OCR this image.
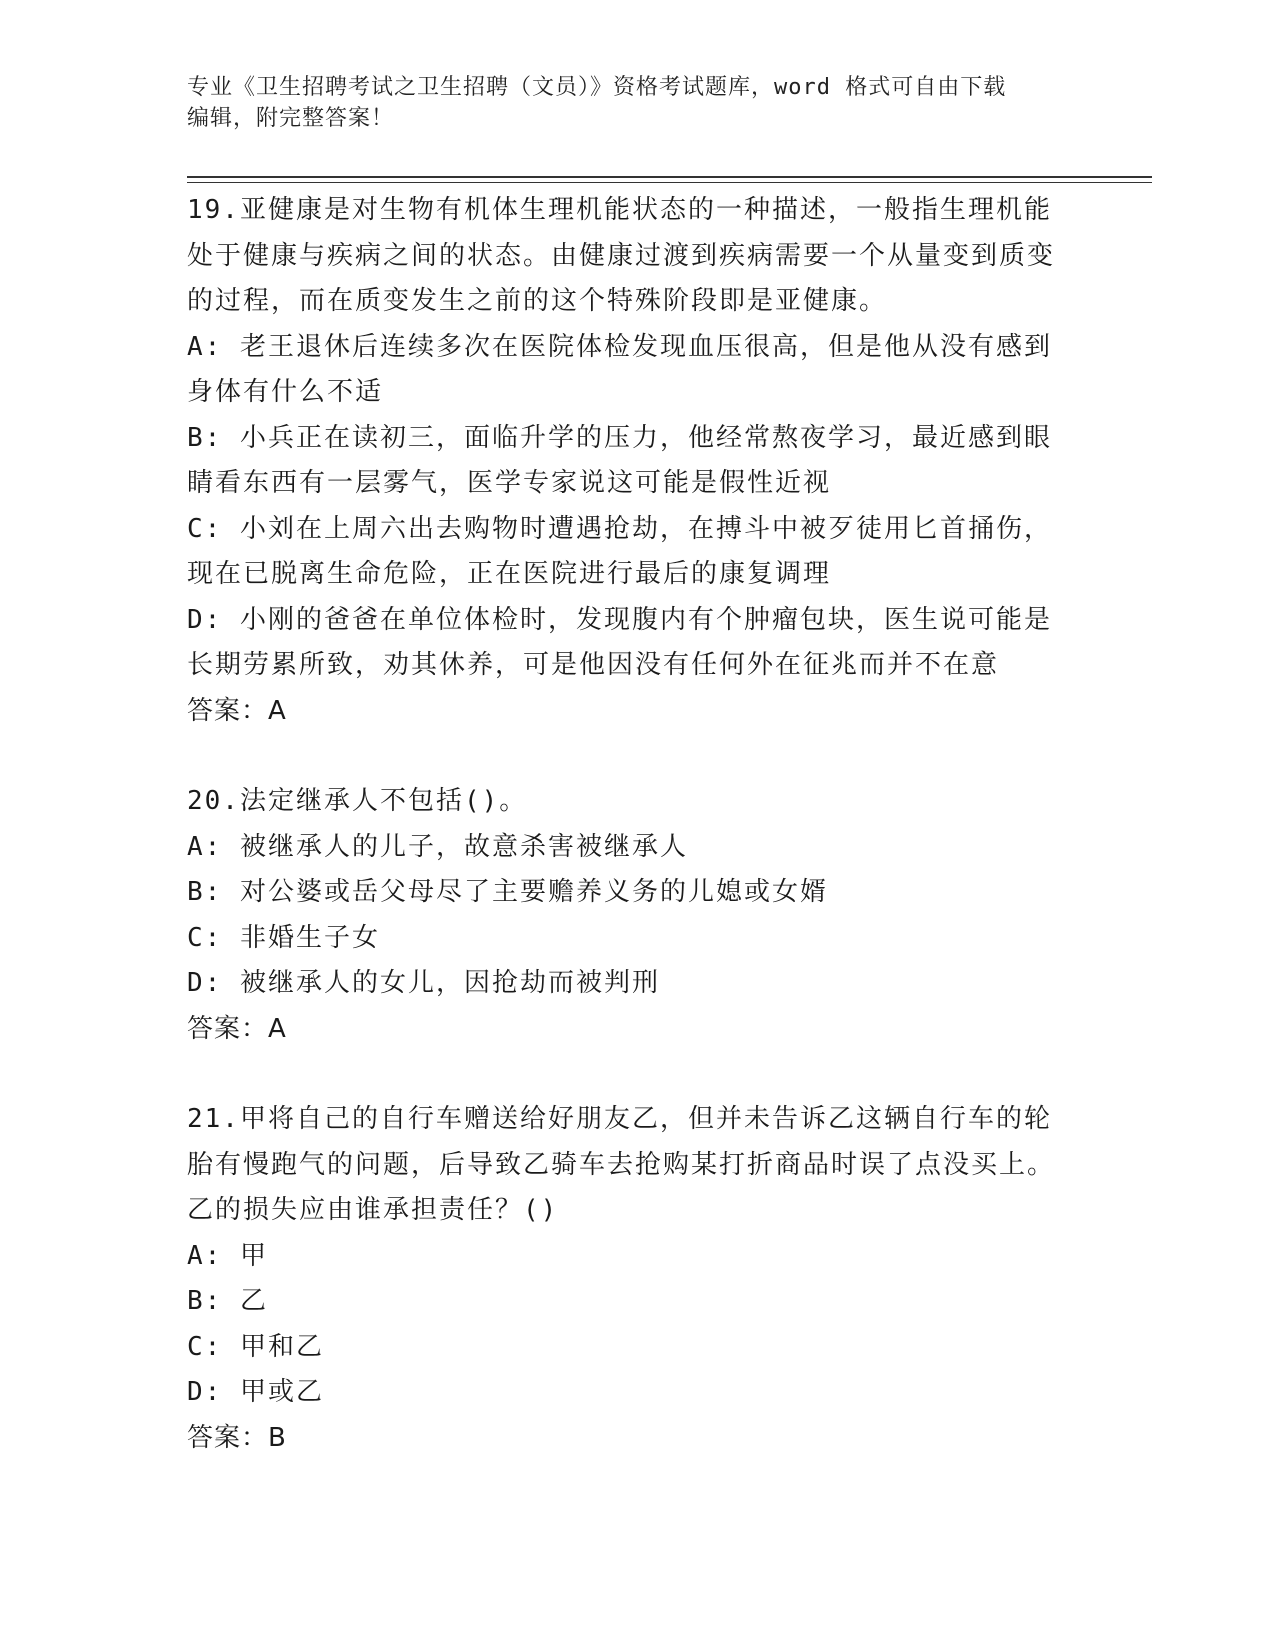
专业《卫生招聘考试之卫生招聘（文员）》资格考试题库，word 格式可自由下载
编辑，附完整答案！

19.亚健康是对生物有机体生理机能状态的一种描述，一般指生理机能处于健康与疾病之间的状态。由健康过渡到疾病需要一个从量变到质变的过程，而在质变发生之前的这个特殊阶段即是亚健康。

A: 老王退休后连续多次在医院体检发现血压很高，但是他从没有感到身体有什么不适

B: 小兵正在读初三，面临升学的压力，他经常熬夜学习，最近感到眼睛看东西有一层雾气，医学专家说这可能是假性近视

C: 小刘在上周六出去购物时遭遇抢劫，在搏斗中被歹徒用匕首捅伤，现在已脱离生命危险，正在医院进行最后的康复调理

D: 小刚的爸爸在单位体检时，发现腹内有个肿瘤包块，医生说可能是长期劳累所致，劝其休养，可是他因没有任何外在征兆而并不在意

答案：A

20.法定继承人不包括()。

A: 被继承人的儿子，故意杀害被继承人

B: 对公婆或岳父母尽了主要赡养义务的儿媳或女婿

C: 非婚生子女

D: 被继承人的女儿，因抢劫而被判刑

答案：A

21.甲将自己的自行车赠送给好朋友乙，但并未告诉乙这辆自行车的轮胎有慢跑气的问题，后导致乙骑车去抢购某打折商品时误了点没买上。乙的损失应由谁承担责任？()

A: 甲

B: 乙

C: 甲和乙

D: 甲或乙

答案：B
